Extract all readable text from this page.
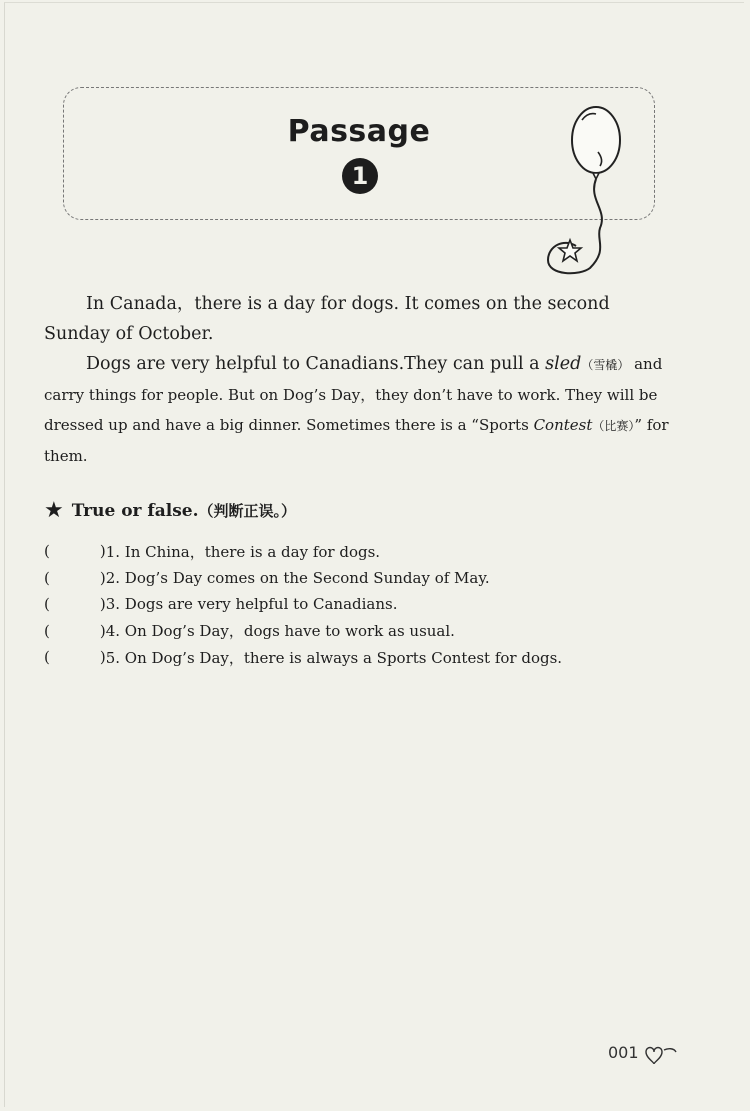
Passage
1

In Canada，there is a day for dogs. It comes on the second Sunday of October.

Dogs are very helpful to Canadians.They can pull a sled（雪橇） and carry things for people. But on Dog’s Day，they don’t have to work. They will be dressed up and have a big dinner. Sometimes there is a “Sports Contest（比赛）” for them.

★ True or false. （判断正误。）
(	) 1. In China，there is a day for dogs.
(	) 2. Dog’s Day comes on the Second Sunday of May.
(	) 3. Dogs are very helpful to Canadians.
(	) 4. On Dog’s Day，dogs have to work as usual.
(	) 5. On Dog’s Day，there is always a Sports Contest for dogs.
001
